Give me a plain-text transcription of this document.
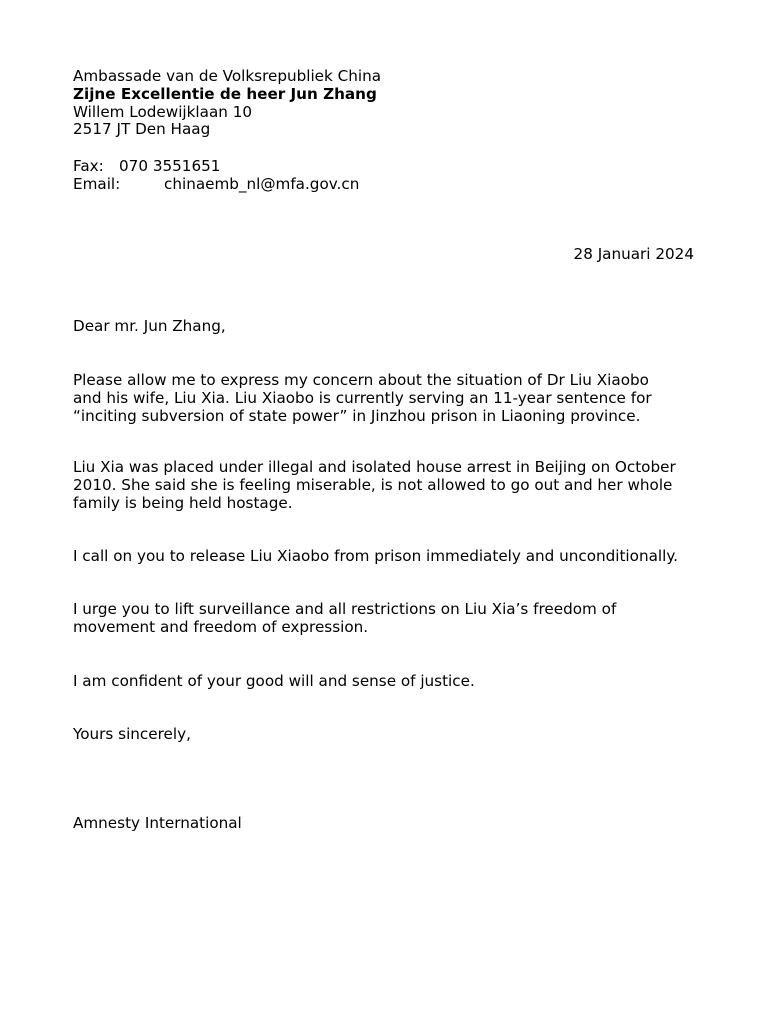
Ambassade van de Volksrepubliek China
Zijne Excellentie de heer Jun Zhang
Willem Lodewijklaan 10
2517 JT Den Haag
Fax: 070 3551651
Email:	chinaemb_nl@mfa.gov.cn
28 Januari 2024
Dear mr. Jun Zhang,
Please allow me to express my concern about the situation of Dr Liu Xiaobo
and his wife, Liu Xia. Liu Xiaobo is currently serving an 11-year sentence for
“inciting subversion of state power” in Jinzhou prison in Liaoning province.
Liu Xia was placed under illegal and isolated house arrest in Beijing on October
2010. She said she is feeling miserable, is not allowed to go out and her whole
family is being held hostage.
I call on you to release Liu Xiaobo from prison immediately and unconditionally.
I urge you to lift surveillance and all restrictions on Liu Xia’s freedom of
movement and freedom of expression.
I am confident of your good will and sense of justice.
Yours sincerely,
Amnesty International
